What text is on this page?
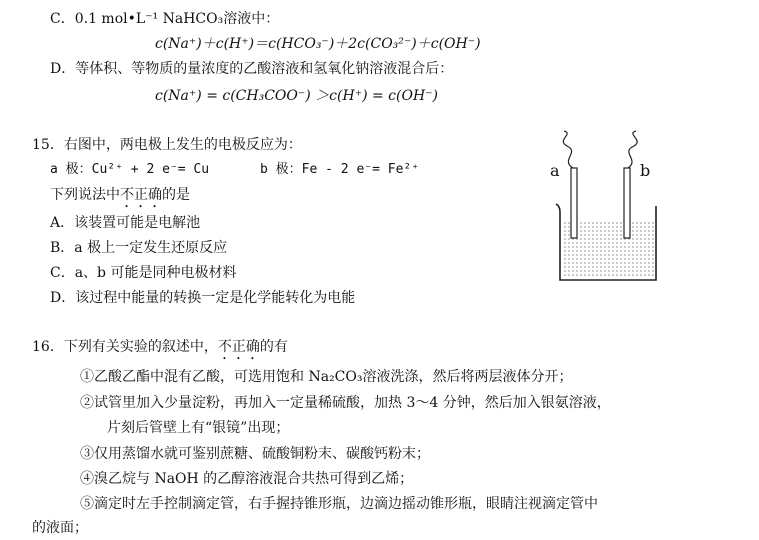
C．0.1 mol•L⁻¹ NaHCO₃溶液中：
c(Na⁺)＋c(H⁺)＝c(HCO₃⁻)＋2c(CO₃²⁻)＋c(OH⁻)
D．等体积、等物质的量浓度的乙酸溶液和氢氧化钠溶液混合后：
c(Na⁺) = c(CH₃COO⁻) ＞c(H⁺) = c(OH⁻)
15．右图中，两电极上发生的电极反应为：
a 极：Cu²⁺ + 2 e⁻= Cu	b 极：Fe - 2 e⁻= Fe²⁺
下列说法中不正确的是
A．该装置可能是电解池
B．a 极上一定发生还原反应
C．a、b 可能是同种电极材料
D．该过程中能量的转换一定是化学能转化为电能
a	b
16．下列有关实验的叙述中，不正确的有
①乙酸乙酯中混有乙酸，可选用饱和 Na₂CO₃溶液洗涤，然后将两层液体分开；
②试管里加入少量淀粉，再加入一定量稀硫酸，加热 3～4 分钟，然后加入银氨溶液，
片刻后管壁上有“银镜”出现；
③仅用蒸馏水就可鉴别蔗糖、硫酸铜粉末、碳酸钙粉末；
④溴乙烷与 NaOH 的乙醇溶液混合共热可得到乙烯；
⑤滴定时左手控制滴定管，右手握持锥形瓶，边滴边摇动锥形瓶，眼睛注视滴定管中
的液面；
